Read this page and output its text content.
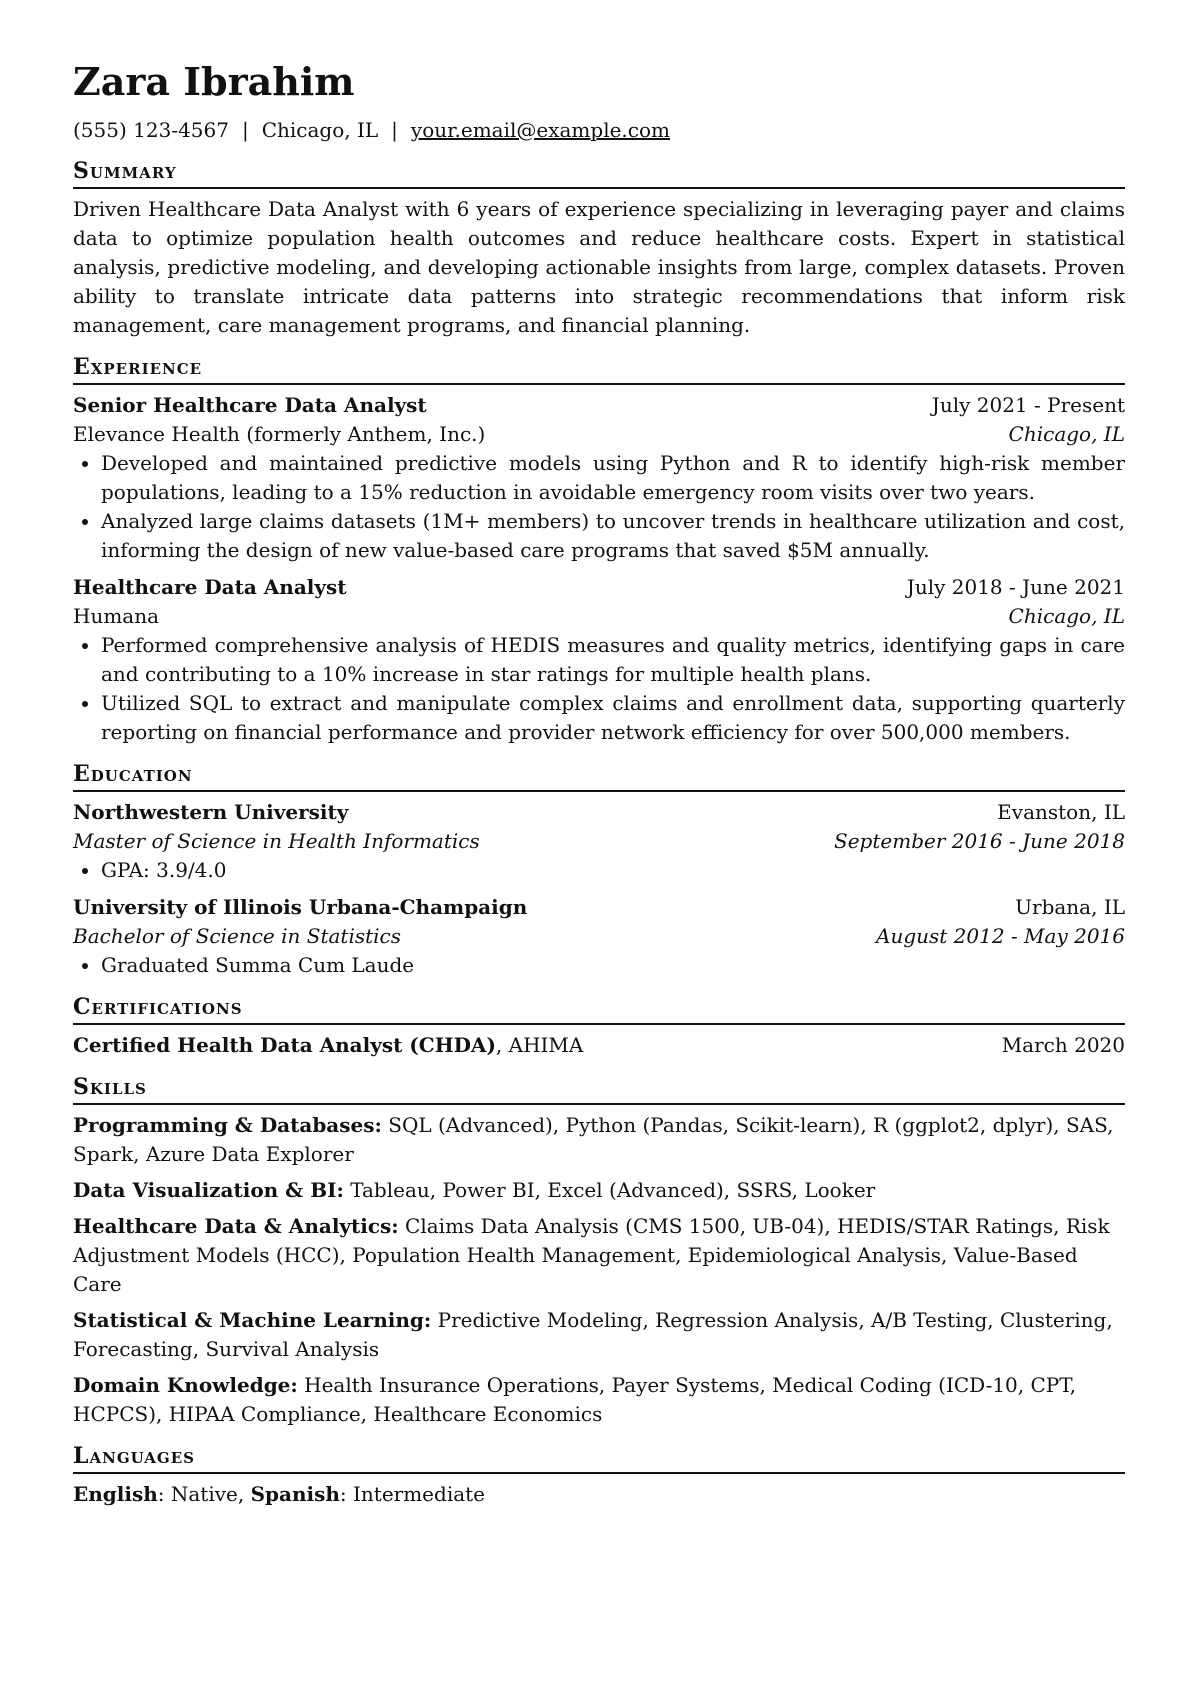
Zara Ibrahim
(555) 123-4567 | Chicago, IL | your.email@example.com
Summary

Driven Healthcare Data Analyst with 6 years of experience specializing in leveraging payer and claims data to optimize population health outcomes and reduce healthcare costs. Expert in statistical analysis, predictive modeling, and developing actionable insights from large, complex datasets. Proven ability to translate intricate data patterns into strategic recommendations that inform risk management, care management programs, and financial planning.

Experience
Senior Healthcare Data Analyst	July 2021 - Present
Elevance Health (formerly Anthem, Inc.)	Chicago, IL
• Developed and maintained predictive models using Python and R to identify high-risk member populations, leading to a 15% reduction in avoidable emergency room visits over two years.
• Analyzed large claims datasets (1M+ members) to uncover trends in healthcare utilization and cost, informing the design of new value-based care programs that saved $5M annually.
Healthcare Data Analyst	July 2018 - June 2021
Humana	Chicago, IL
• Performed comprehensive analysis of HEDIS measures and quality metrics, identifying gaps in care and contributing to a 10% increase in star ratings for multiple health plans.
• Utilized SQL to extract and manipulate complex claims and enrollment data, supporting quarterly reporting on financial performance and provider network efficiency for over 500,000 members.
Education
Northwestern University	Evanston, IL
Master of Science in Health Informatics	September 2016 - June 2018
• GPA: 3.9/4.0
University of Illinois Urbana-Champaign	Urbana, IL
Bachelor of Science in Statistics	August 2012 - May 2016
• Graduated Summa Cum Laude
Certifications
Certified Health Data Analyst (CHDA), AHIMA	March 2020
Skills
Programming & Databases: SQL (Advanced), Python (Pandas, Scikit-learn), R (ggplot2, dplyr), SAS, Spark, Azure Data Explorer
Data Visualization & BI: Tableau, Power BI, Excel (Advanced), SSRS, Looker
Healthcare Data & Analytics: Claims Data Analysis (CMS 1500, UB-04), HEDIS/STAR Ratings, Risk Adjustment Models (HCC), Population Health Management, Epidemiological Analysis, Value-Based Care
Statistical & Machine Learning: Predictive Modeling, Regression Analysis, A/B Testing, Clustering, Forecasting, Survival Analysis
Domain Knowledge: Health Insurance Operations, Payer Systems, Medical Coding (ICD-10, CPT, HCPCS), HIPAA Compliance, Healthcare Economics
Languages
English: Native, Spanish: Intermediate
